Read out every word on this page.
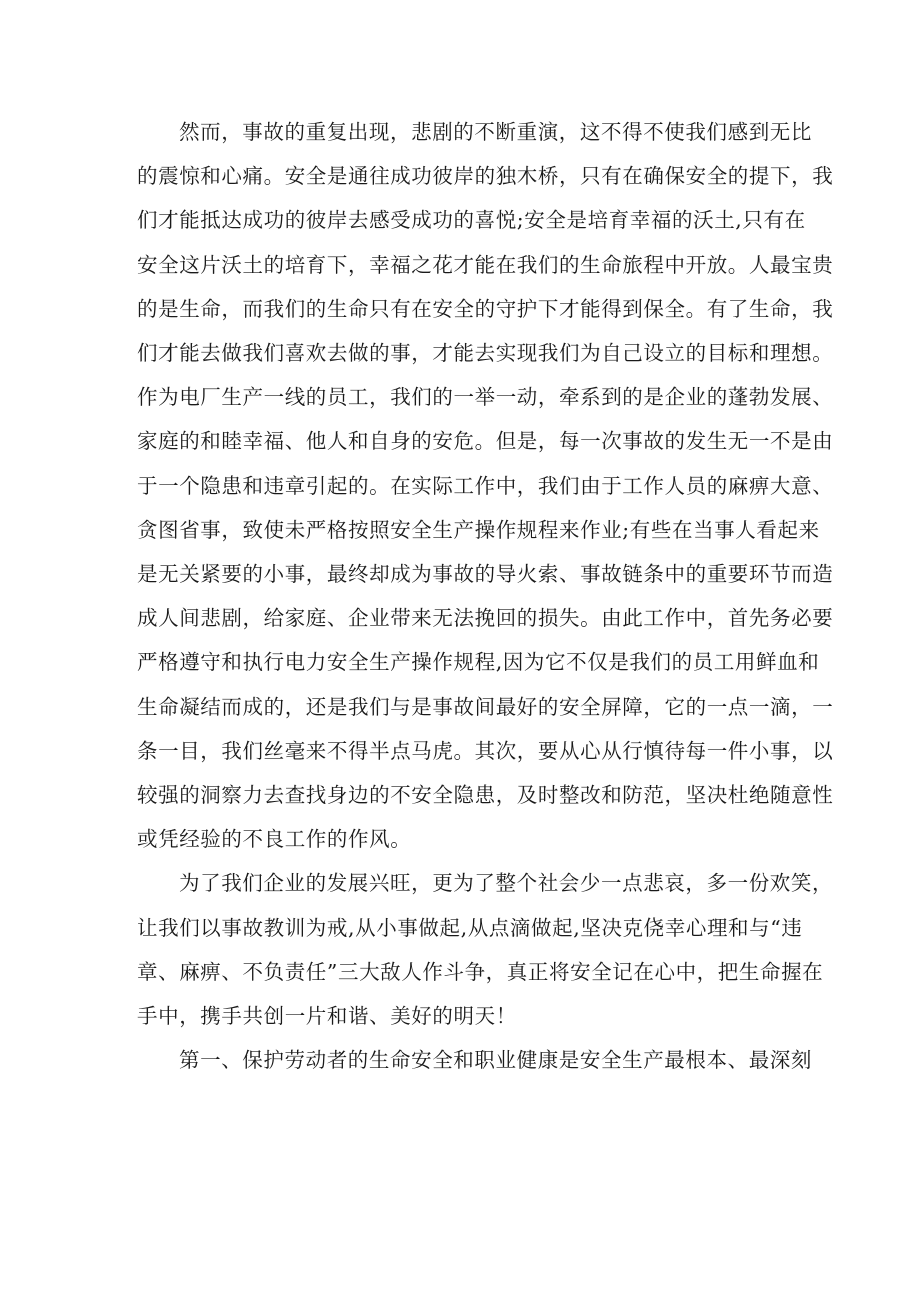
然而，事故的重复出现，悲剧的不断重演，这不得不使我们感到无比
的震惊和心痛。安全是通往成功彼岸的独木桥，只有在确保安全的提下，我
们才能抵达成功的彼岸去感受成功的喜悦;安全是培育幸福的沃土,只有在
安全这片沃土的培育下，幸福之花才能在我们的生命旅程中开放。人最宝贵
的是生命，而我们的生命只有在安全的守护下才能得到保全。有了生命，我
们才能去做我们喜欢去做的事，才能去实现我们为自己设立的目标和理想。
作为电厂生产一线的员工，我们的一举一动，牵系到的是企业的蓬勃发展、
家庭的和睦幸福、他人和自身的安危。但是，每一次事故的发生无一不是由
于一个隐患和违章引起的。在实际工作中，我们由于工作人员的麻痹大意、
贪图省事，致使未严格按照安全生产操作规程来作业;有些在当事人看起来
是无关紧要的小事，最终却成为事故的导火索、事故链条中的重要环节而造
成人间悲剧，给家庭、企业带来无法挽回的损失。由此工作中，首先务必要
严格遵守和执行电力安全生产操作规程,因为它不仅是我们的员工用鲜血和
生命凝结而成的，还是我们与是事故间最好的安全屏障，它的一点一滴，一
条一目，我们丝毫来不得半点马虎。其次，要从心从行慎待每一件小事，以
较强的洞察力去查找身边的不安全隐患，及时整改和防范，坚决杜绝随意性
或凭经验的不良工作的作风。
为了我们企业的发展兴旺，更为了整个社会少一点悲哀，多一份欢笑，
让我们以事故教训为戒,从小事做起,从点滴做起,坚决克侥幸心理和与“违
章、麻痹、不负责任”三大敌人作斗争，真正将安全记在心中，把生命握在
手中，携手共创一片和谐、美好的明天！
第一、保护劳动者的生命安全和职业健康是安全生产最根本、最深刻
